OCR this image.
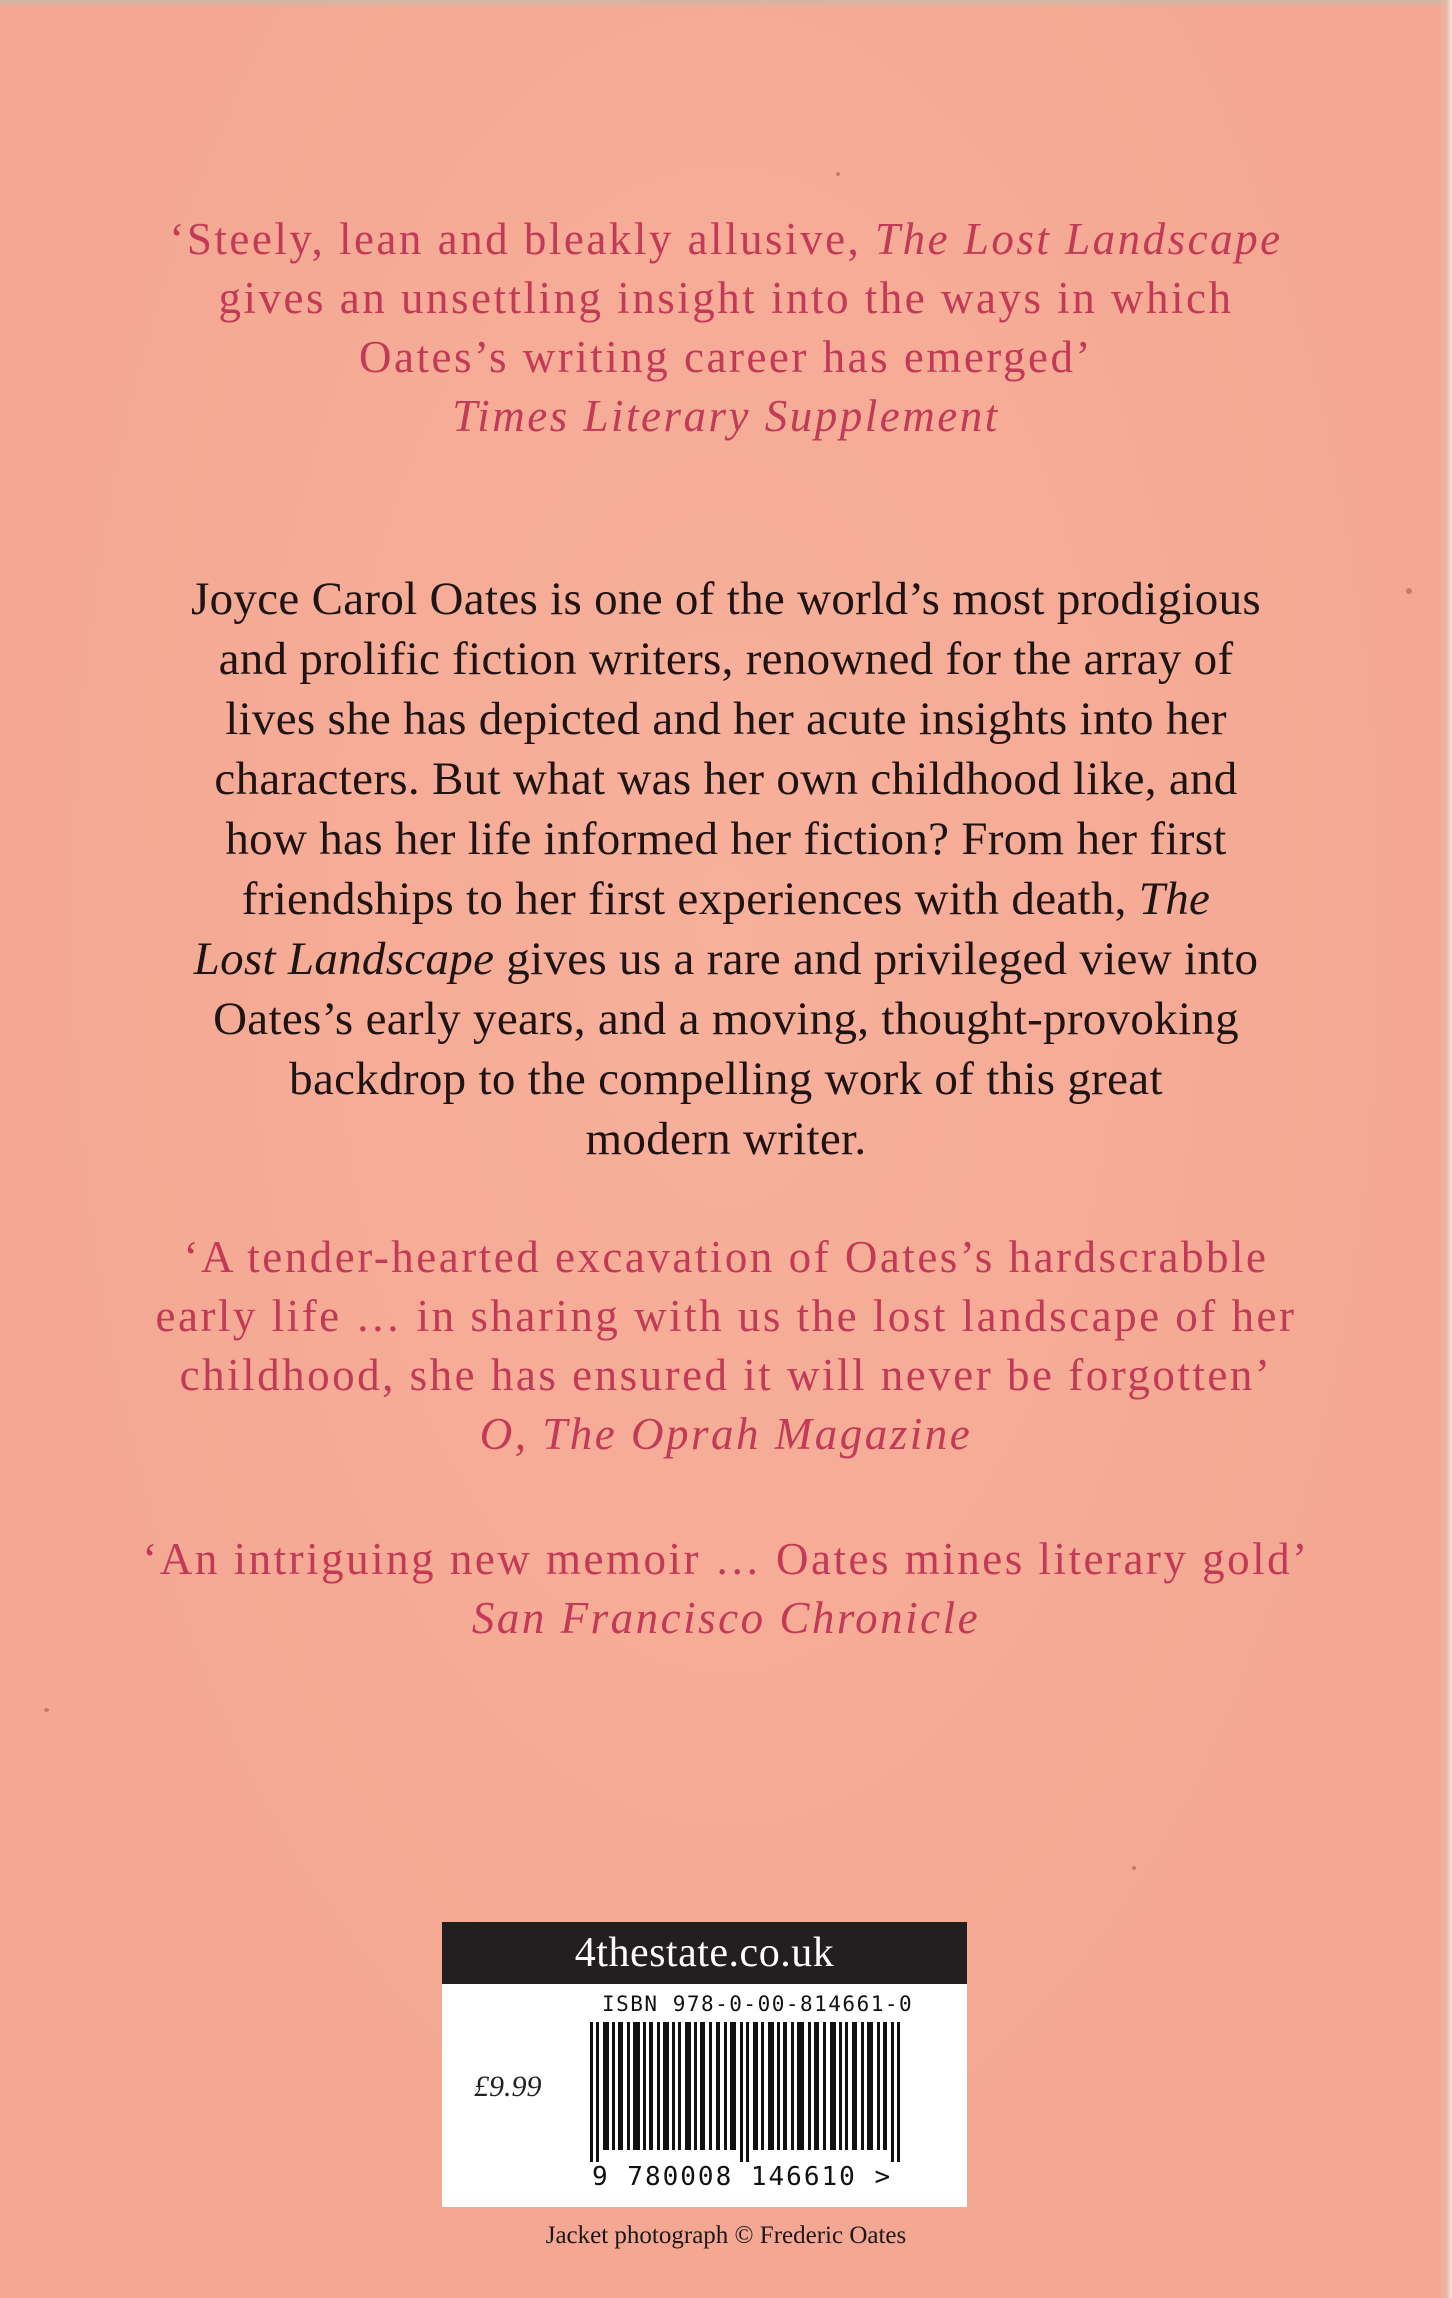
‘Steely, lean and bleakly allusive, The Lost Landscape
gives an unsettling insight into the ways in which
Oates’s writing career has emerged’
Times Literary Supplement
Joyce Carol Oates is one of the world’s most prodigious
and prolific fiction writers, renowned for the array of
lives she has depicted and her acute insights into her
characters. But what was her own childhood like, and
how has her life informed her fiction? From her first
friendships to her first experiences with death, The
Lost Landscape gives us a rare and privileged view into
Oates’s early years, and a moving, thought-provoking
backdrop to the compelling work of this great
modern writer.
‘A tender-hearted excavation of Oates’s hardscrabble
early life … in sharing with us the lost landscape of her
childhood, she has ensured it will never be forgotten’
O, The Oprah Magazine
‘An intriguing new memoir … Oates mines literary gold’
San Francisco Chronicle
4thestate.co.uk
ISBN 978-0-00-814661-0
£9.99
9 780008 146610 >
Jacket photograph © Frederic Oates
